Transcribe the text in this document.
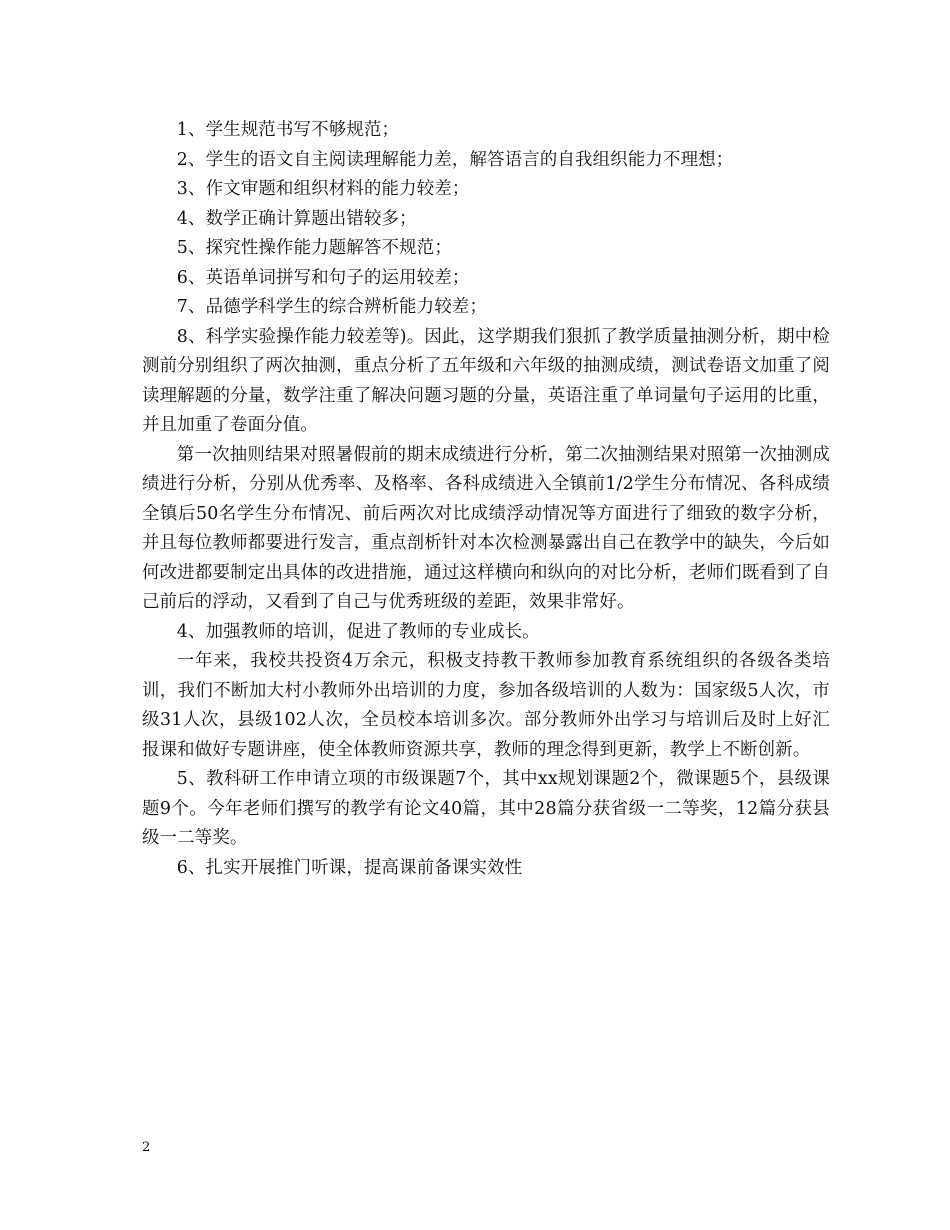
1、学生规范书写不够规范；

2、学生的语文自主阅读理解能力差，解答语言的自我组织能力不理想；

3、作文审题和组织材料的能力较差；

4、数学正确计算题出错较多；

5、探究性操作能力题解答不规范；

6、英语单词拼写和句子的运用较差；

7、品德学科学生的综合辨析能力较差；

8、科学实验操作能力较差等)。因此，这学期我们狠抓了教学质量抽测分析，期中检测前分别组织了两次抽测，重点分析了五年级和六年级的抽测成绩，测试卷语文加重了阅读理解题的分量，数学注重了解决问题习题的分量，英语注重了单词量句子运用的比重，并且加重了卷面分值。

第一次抽则结果对照暑假前的期末成绩进行分析，第二次抽测结果对照第一次抽测成绩进行分析，分别从优秀率、及格率、各科成绩进入全镇前1/2学生分布情况、各科成绩全镇后50名学生分布情况、前后两次对比成绩浮动情况等方面进行了细致的数字分析，并且每位教师都要进行发言，重点剖析针对本次检测暴露出自己在教学中的缺失，今后如何改进都要制定出具体的改进措施，通过这样横向和纵向的对比分析，老师们既看到了自己前后的浮动，又看到了自己与优秀班级的差距，效果非常好。

4、加强教师的培训，促进了教师的专业成长。

一年来，我校共投资4万余元，积极支持教干教师参加教育系统组织的各级各类培训，我们不断加大村小教师外出培训的力度，参加各级培训的人数为：国家级5人次，市级31人次，县级102人次，全员校本培训多次。部分教师外出学习与培训后及时上好汇报课和做好专题讲座，使全体教师资源共享，教师的理念得到更新，教学上不断创新。

5、教科研工作申请立项的市级课题7个，其中xx规划课题2个，微课题5个，县级课题9个。今年老师们撰写的教学有论文40篇，其中28篇分获省级一二等奖，12篇分获县级一二等奖。

6、扎实开展推门听课，提高课前备课实效性

2
